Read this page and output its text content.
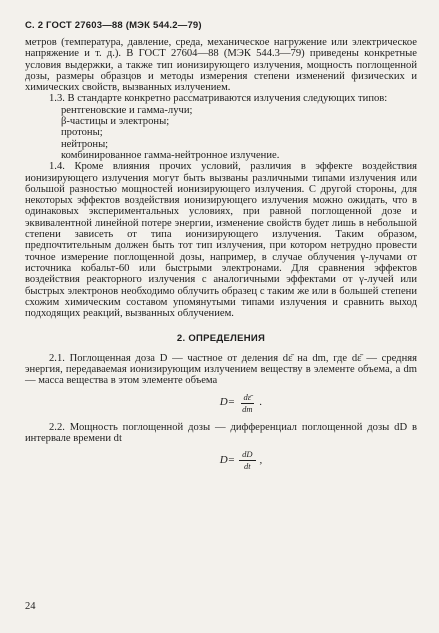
С. 2 ГОСТ 27603—88 (МЭК 544.2—79)

метров (температура, давление, среда, механическое нагружение или электрическое напряжение и т. д.). В ГОСТ 27604—88 (МЭК 544.3—79) приведены конкретные условия выдержки, а также тип ионизирующего излучения, мощность поглощенной дозы, размеры образцов и методы измерения степени изменений физических и химических свойств, вызванных излучением.

1.3. В стандарте конкретно рассматриваются излучения следующих типов:

рентгеновские и гамма-лучи;
β-частицы и электроны;
протоны;
нейтроны;
комбинированное гамма-нейтронное излучение.

1.4. Кроме влияния прочих условий, различия в эффекте воздействия ионизирующего излучения могут быть вызваны различными типами излучения или большой разностью мощностей ионизирующего излучения. С другой стороны, для некоторых эффектов воздействия ионизирующего излучения можно ожидать, что в одинаковых экспериментальных условиях, при равной поглощенной дозе и эквивалентной линейной потере энергии, изменение свойств будет лишь в небольшой степени зависеть от типа ионизирующего излучения. Таким образом, предпочтительным должен быть тот тип излучения, при котором нетрудно провести точное измерение поглощенной дозы, например, в случае облучения γ-лучами от источника кобальт-60 или быстрыми электронами. Для сравнения эффектов воздействия реакторного излучения с аналогичными эффектами от γ-лучей или быстрых электронов необходимо облучить образец с таким же или в большей степени схожим химическим составом упомянутыми типами излучения и сравнить выход подходящих реакций, вызванных облучением.

2. ОПРЕДЕЛЕНИЯ

2.1. Поглощенная доза D — частное от деления dε̄ на dm, где dε̄ — средняя энергия, передаваемая ионизирующим излучением веществу в элементе объема, а dm — масса вещества в этом элементе объема

$D= \frac{d\varepsilon̄}{dm}$ .

2.2. Мощность поглощенной дозы — дифференциал поглощенной дозы dD в интервале времени dt

$D= \frac{dD}{dt}$ ,
24
